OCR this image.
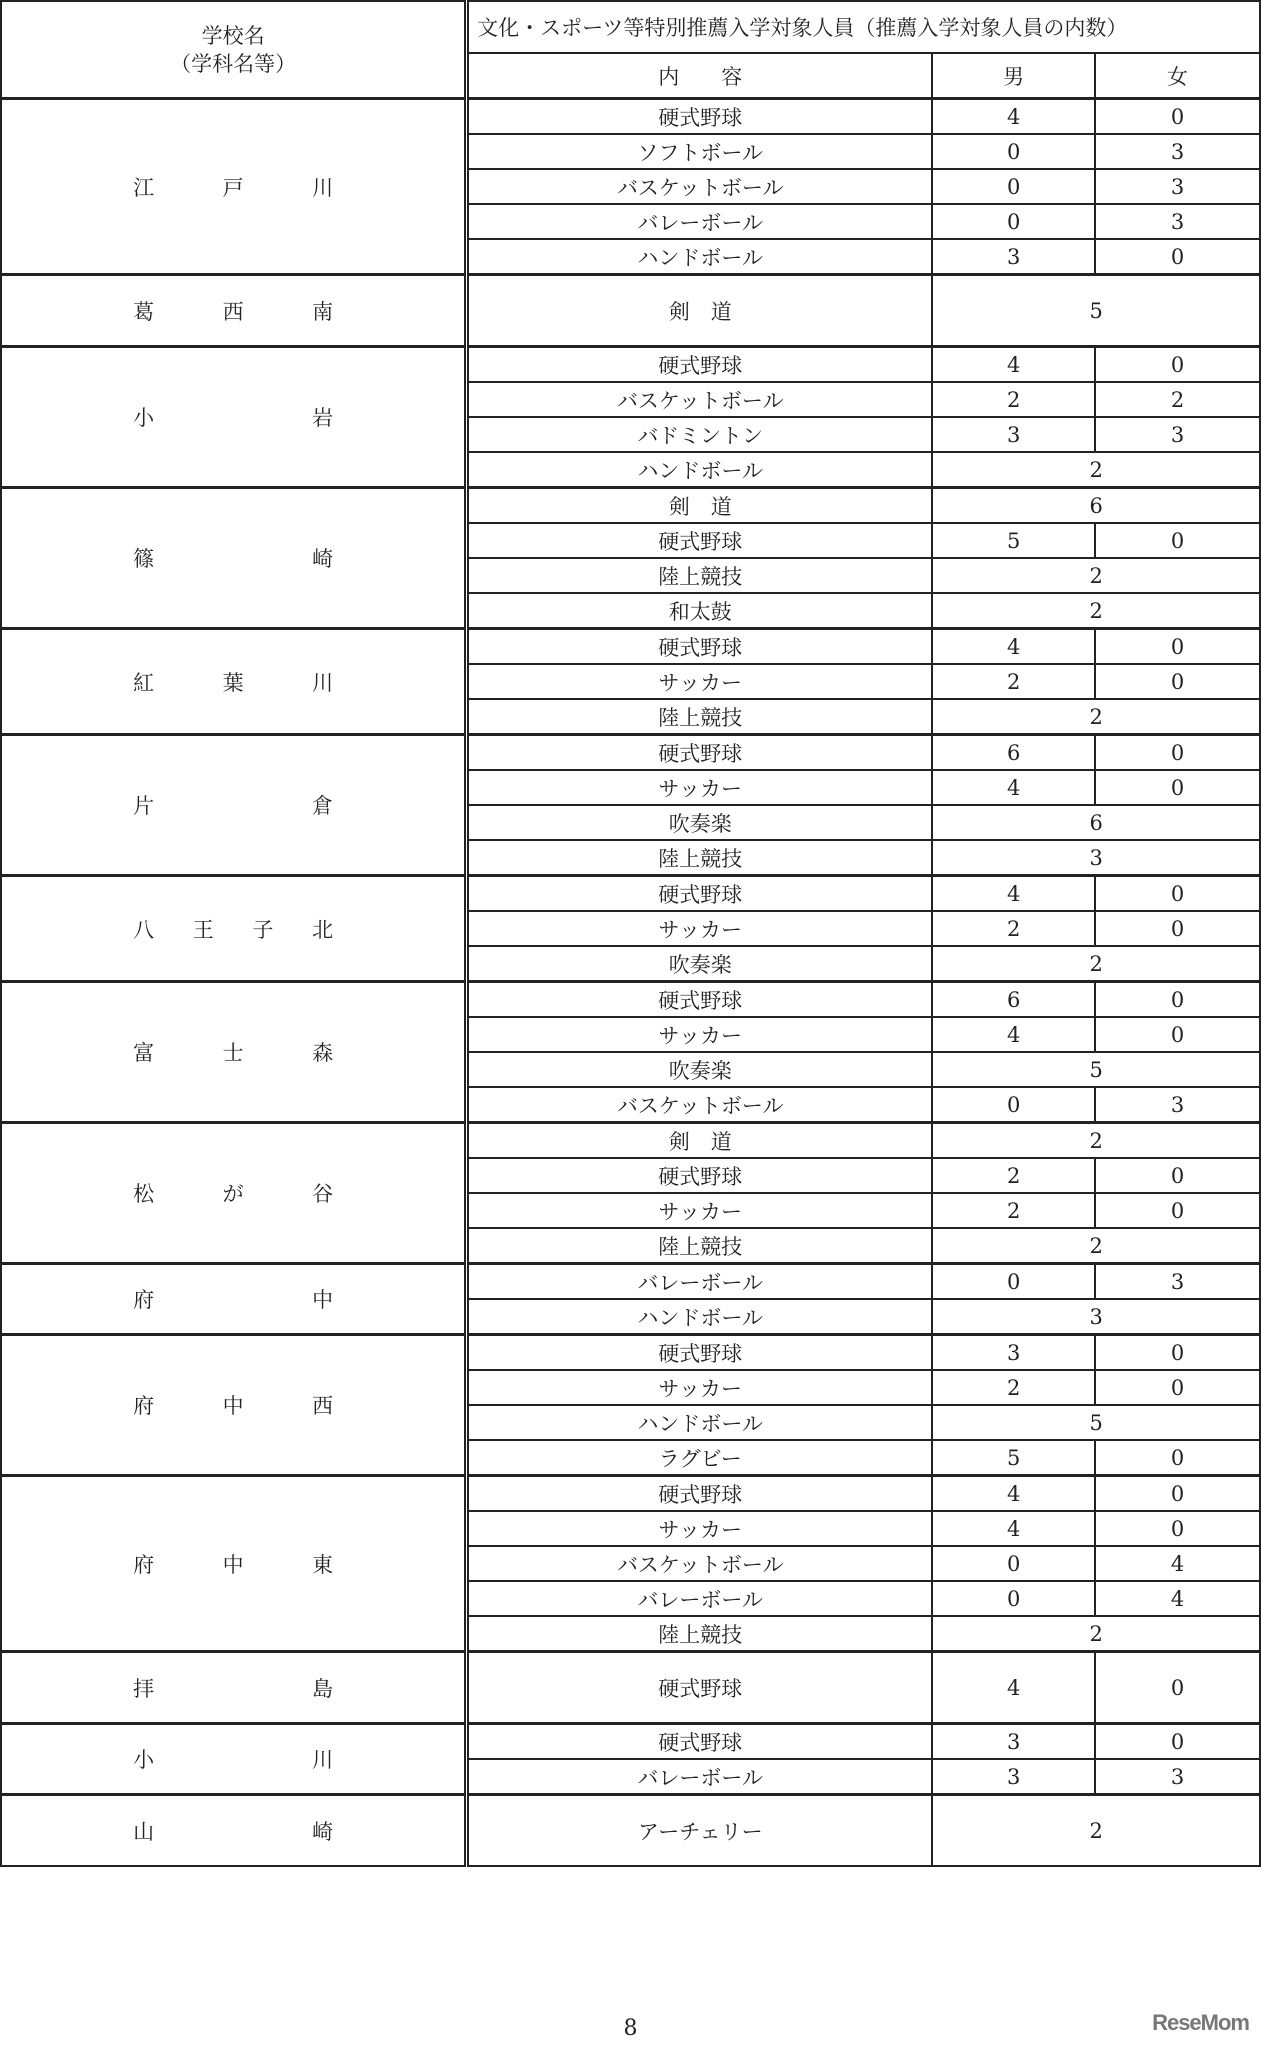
学校名
（学科名等）	文化・スポーツ等特別推薦入学対象人員（推薦入学対象人員の内数）		
	内　　容	男	女
江戸川	硬式野球	4	0
	ソフトボール	0	3
	バスケットボール	0	3
	バレーボール	0	3
	ハンドボール	3	0
葛西南	剣　道	5	
小岩	硬式野球	4	0
	バスケットボール	2	2
	バドミントン	3	3
	ハンドボール	2	
篠崎	剣　道	6	
	硬式野球	5	0
	陸上競技	2	
	和太鼓	2	
紅葉川	硬式野球	4	0
	サッカー	2	0
	陸上競技	2	
片倉	硬式野球	6	0
	サッカー	4	0
	吹奏楽	6	
	陸上競技	3	
八王子北	硬式野球	4	0
	サッカー	2	0
	吹奏楽	2	
富士森	硬式野球	6	0
	サッカー	4	0
	吹奏楽	5	
	バスケットボール	0	3
松が谷	剣　道	2	
	硬式野球	2	0
	サッカー	2	0
	陸上競技	2	
府中	バレーボール	0	3
	ハンドボール	3	
府中西	硬式野球	3	0
	サッカー	2	0
	ハンドボール	5	
	ラグビー	5	0
府中東	硬式野球	4	0
	サッカー	4	0
	バスケットボール	0	4
	バレーボール	0	4
	陸上競技	2	
拝島	硬式野球	4	0
小川	硬式野球	3	0
	バレーボール	3	3
山崎	アーチェリー	2	
8	ReseMom
